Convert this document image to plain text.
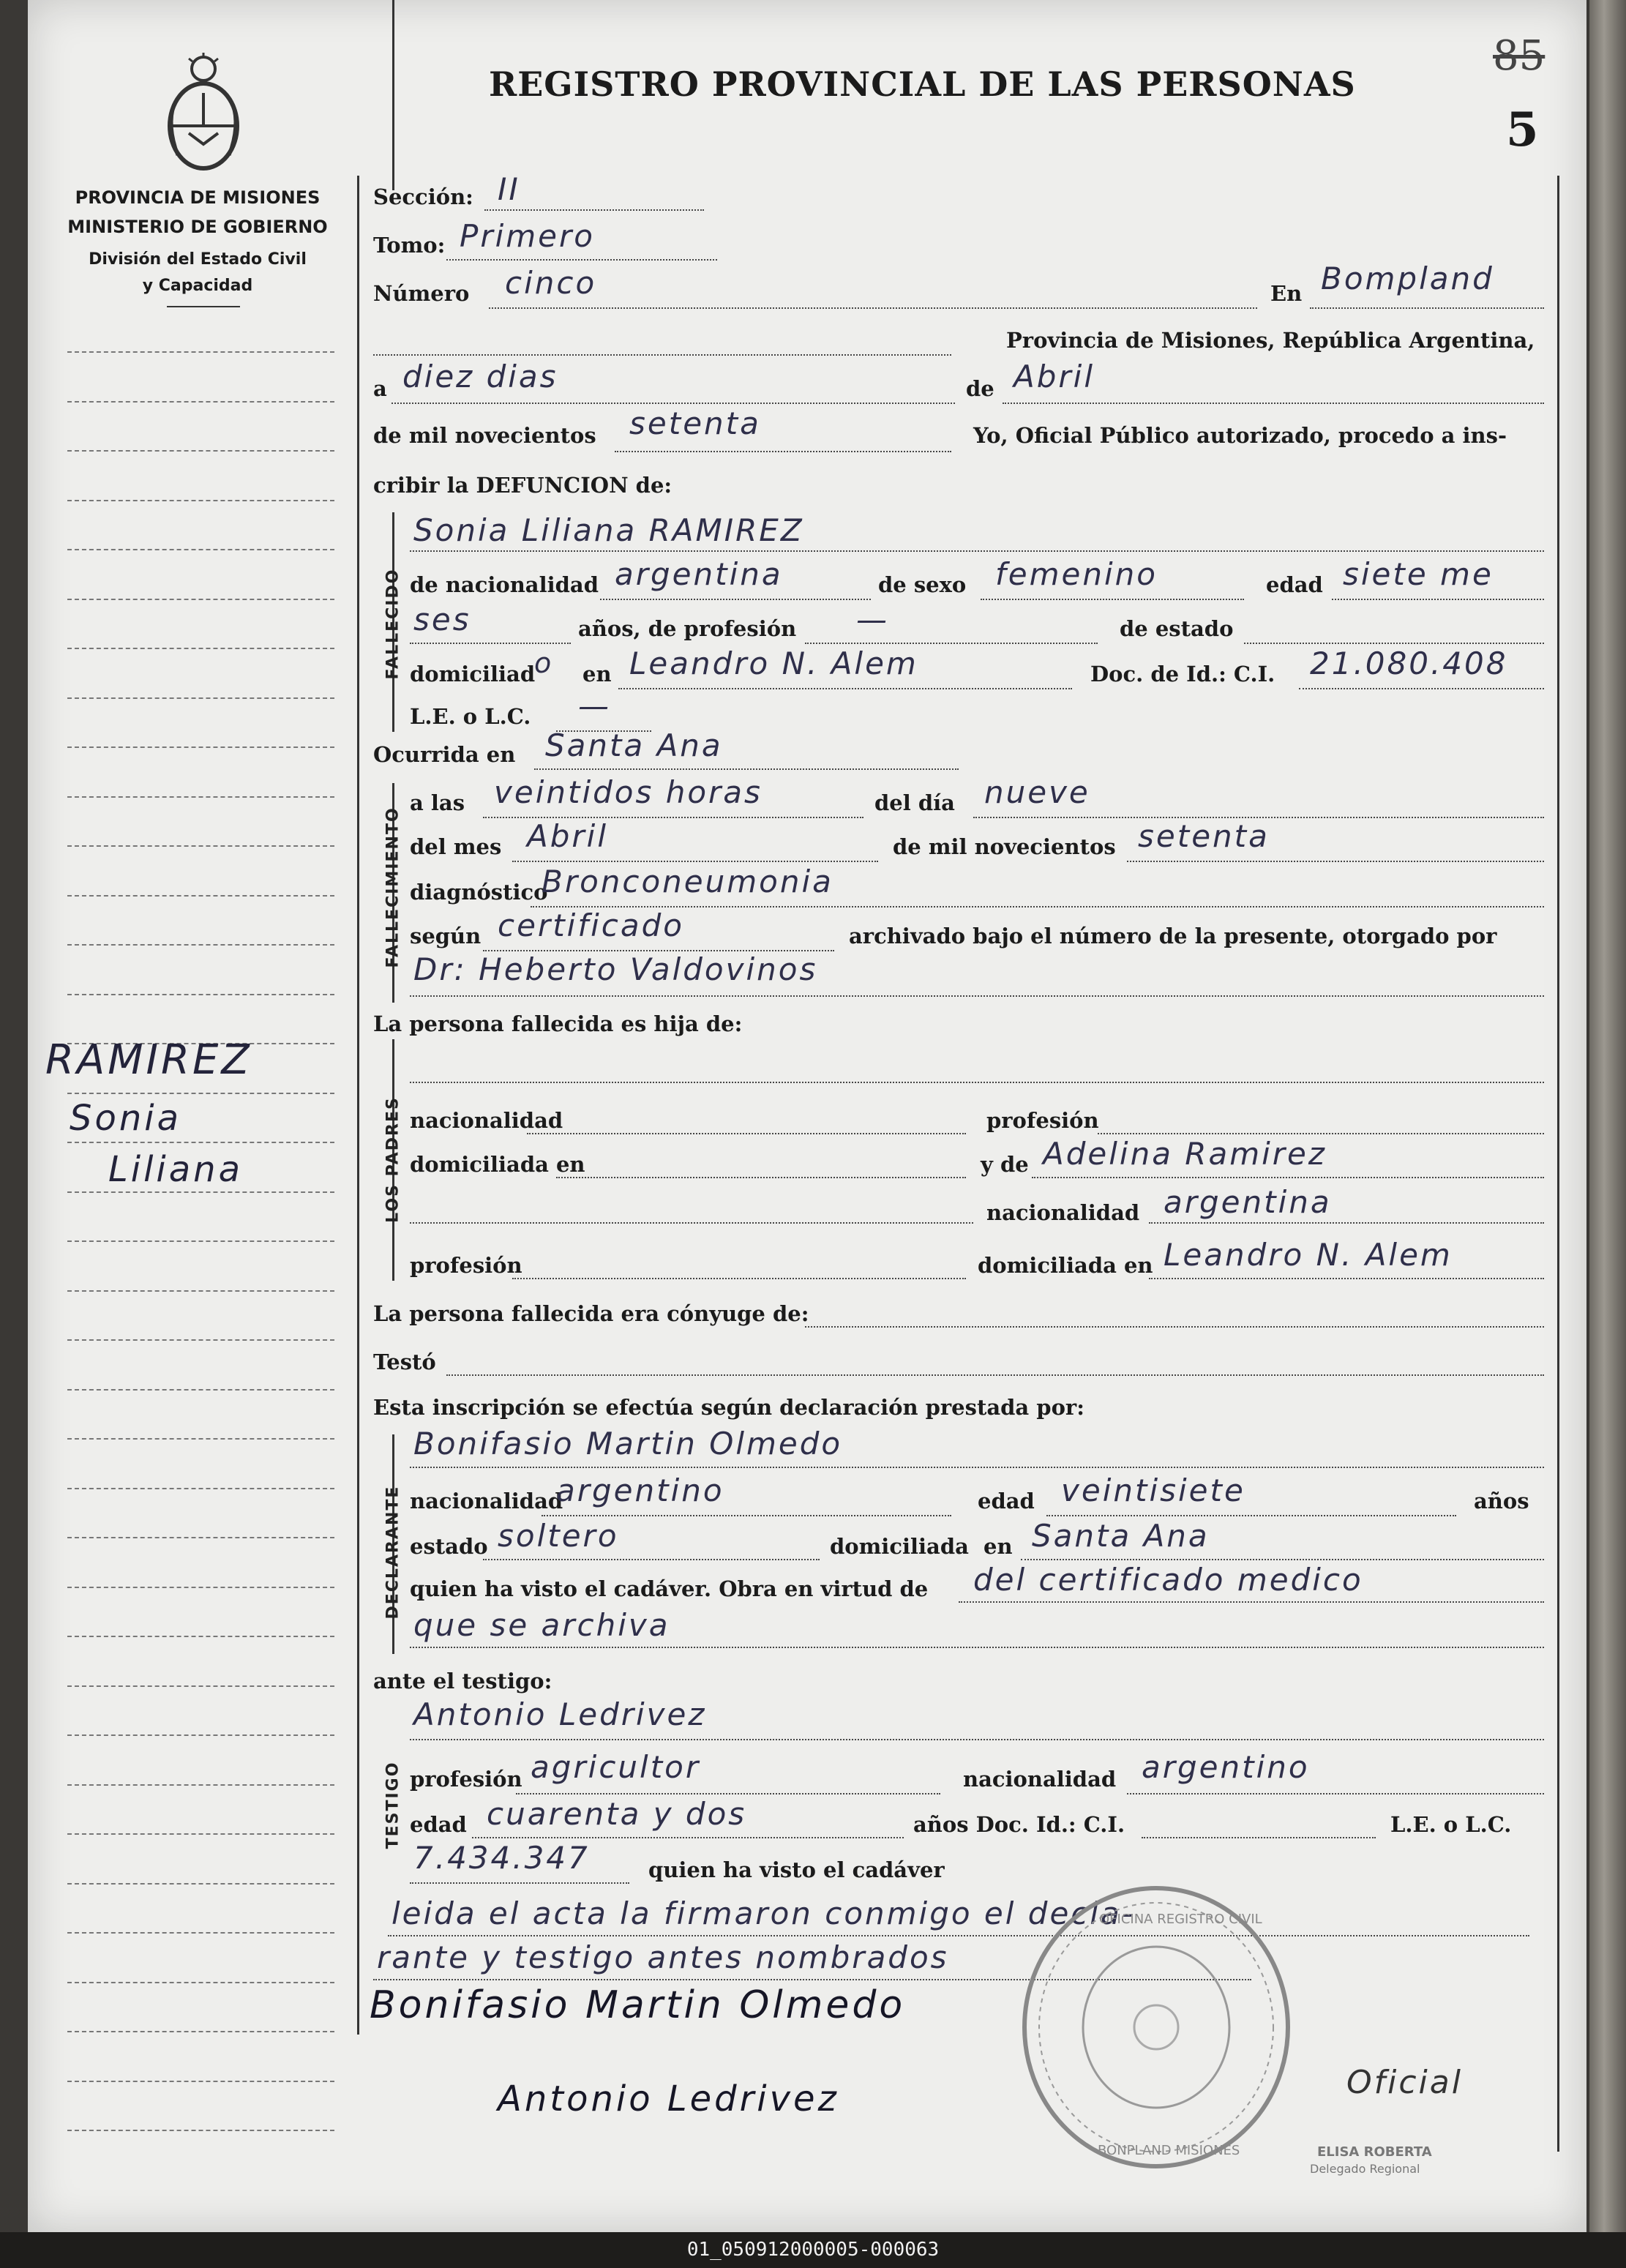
PROVINCIA DE MISIONES
MINISTERIO DE GOBIERNO
División del Estado Civil
y Capacidad
REGISTRO PROVINCIAL DE LAS PERSONAS
85
5
RAMIREZ
Sonia
Liliana
Sección: II
Tomo: Primero
Número cinco	En Bompland
Provincia de Misiones, República Argentina,
a diez dias	de Abril
de mil novecientos setenta	Yo, Oficial Público autorizado, procedo a ins-
cribir la DEFUNCION de:
FALLECIDO
Sonia Liliana RAMIREZ
de nacionalidad argentina	de sexo femenino	edad siete me
ses	años, de profesión —	de estado
domiciliad
o en Leandro N. Alem	Doc. de Id.: C.I. 21.080.408
L.E. o L.C. —
Ocurrida en Santa Ana
FALLECIMIENTO
a las veintidos horas	del día nueve
del mes Abril	de mil novecientos setenta
diagnóstico
Bronconeumonia
según certificado	archivado bajo el número de la presente, otorgado por
Dr: Heberto Valdovinos
La persona fallecida es hija de:
LOS PADRES nacionalidad	profesión
domiciliada en	y de Adelina Ramirez
nacionalidad argentina
profesión	domiciliada en Leandro N. Alem
La persona fallecida era cónyuge de:
Testó
Esta inscripción se efectúa según declaración prestada por:
DECLARANTE
Bonifasio Martin Olmedo
nacionalidad
argentino	edad veintisiete	años
estado soltero	domiciliada en Santa Ana
quien ha visto el cadáver. Obra en virtud de del certificado medico
que se archiva
ante el testigo:
TESTIGO
Antonio Ledrivez
profesión agricultor	nacionalidad argentino
edad cuarenta y dos	años Doc. Id.: C.I.	L.E. o L.C.
7.434.347	quien ha visto el cadáver
leida el acta la firmaron conmigo el decla-
rante y testigo antes nombrados
Bonifasio Martin Olmedo
Antonio Ledrivez	Oficial
OFICINA REGISTRO CIVIL
BONPLAND MISIONES	ELISA ROBERTA
Delegado Regional
01_050912000005-000063
